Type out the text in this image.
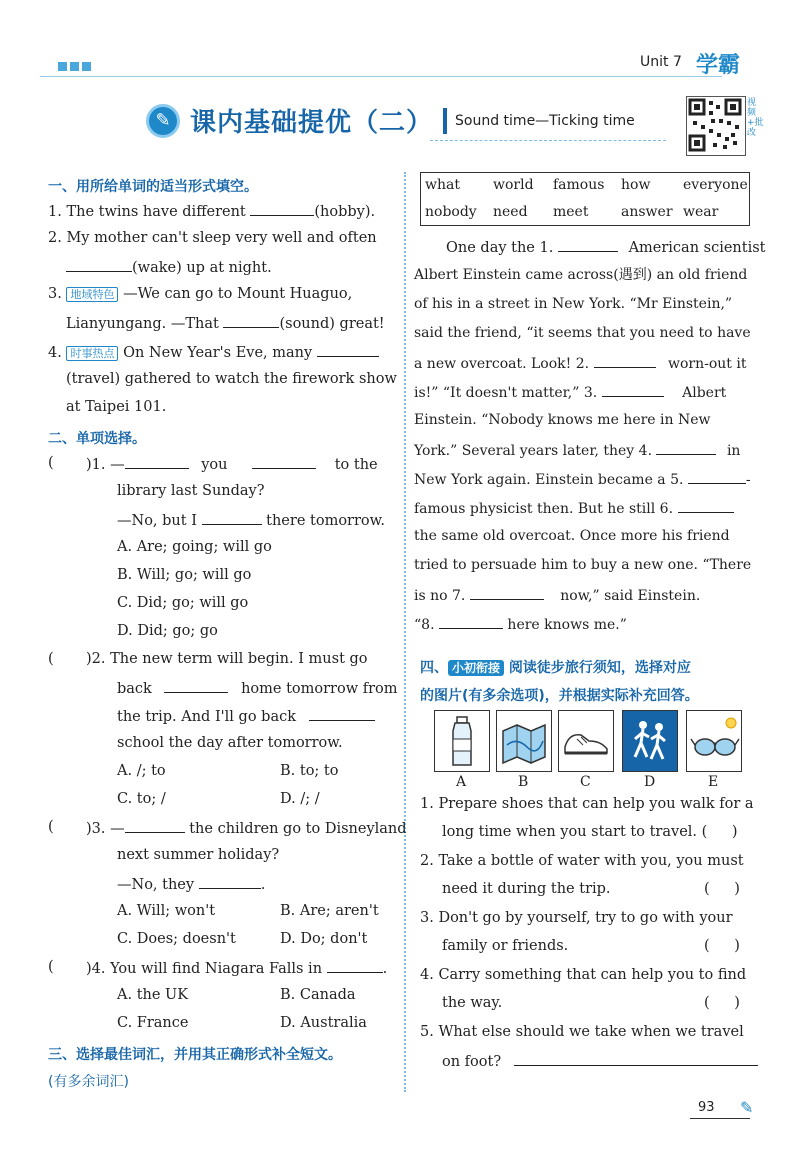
Unit 7 学霸
✎ 课内基础提优（二） Sound time—Ticking time
视频+批改
一、用所给单词的适当形式填空。
1. The twins have different	(hobby).
2. My mother can't sleep very well and often
(wake) up at night.
3. 地域特色 —We can go to Mount Huaguo,
Lianyungang. —That	(sound) great!
4. 时事热点 On New Year's Eve, many
(travel) gathered to watch the firework show
at Taipei 101.
二、单项选择。
( )1. —	you	to the
library last Sunday?
—No, but I	there tomorrow.
A. Are; going; will go
B. Will; go; will go
C. Did; go; will go
D. Did; go; go
( )2. The new term will begin. I must go
back	home tomorrow from
the trip. And I'll go back
school the day after tomorrow.
A. /; to	B. to; to
C. to; /	D. /; /
( )3. —	the children go to Disneyland
next summer holiday?
—No, they	.
A. Will; won't	B. Are; aren't
C. Does; doesn't	D. Do; don't
( )4. You will find Niagara Falls in	.
A. the UK	B. Canada
C. France	D. Australia
三、选择最佳词汇，并用其正确形式补全短文。
(有多余词汇)
what world famous how everyone
nobody need meet answer wear
One day the 1.	American scientist
Albert Einstein came across(遇到) an old friend
of his in a street in New York. “Mr Einstein,”
said the friend, “it seems that you need to have
a new overcoat. Look! 2.	worn-out it
is!” “It doesn't matter,” 3.	Albert
Einstein. “Nobody knows me here in New
York.” Several years later, they 4.	in
New York again. Einstein became a 5.	-
famous physicist then. But he still 6.
the same old overcoat. Once more his friend
tried to persuade him to buy a new one. “There
is no 7.	now,” said Einstein.
“8.	here knows me.”
四、 小初衔接 阅读徒步旅行须知，选择对应
的图片(有多余选项)，并根据实际补充回答。
A	B	C	D	E
1. Prepare shoes that can help you walk for a
long time when you start to travel. ( )
2. Take a bottle of water with you, you must
need it during the trip.	( )
3. Don't go by yourself, try to go with your
family or friends.	( )
4. Carry something that can help you to find
the way.	( )
5. What else should we take when we travel
on foot?
93 ✎
